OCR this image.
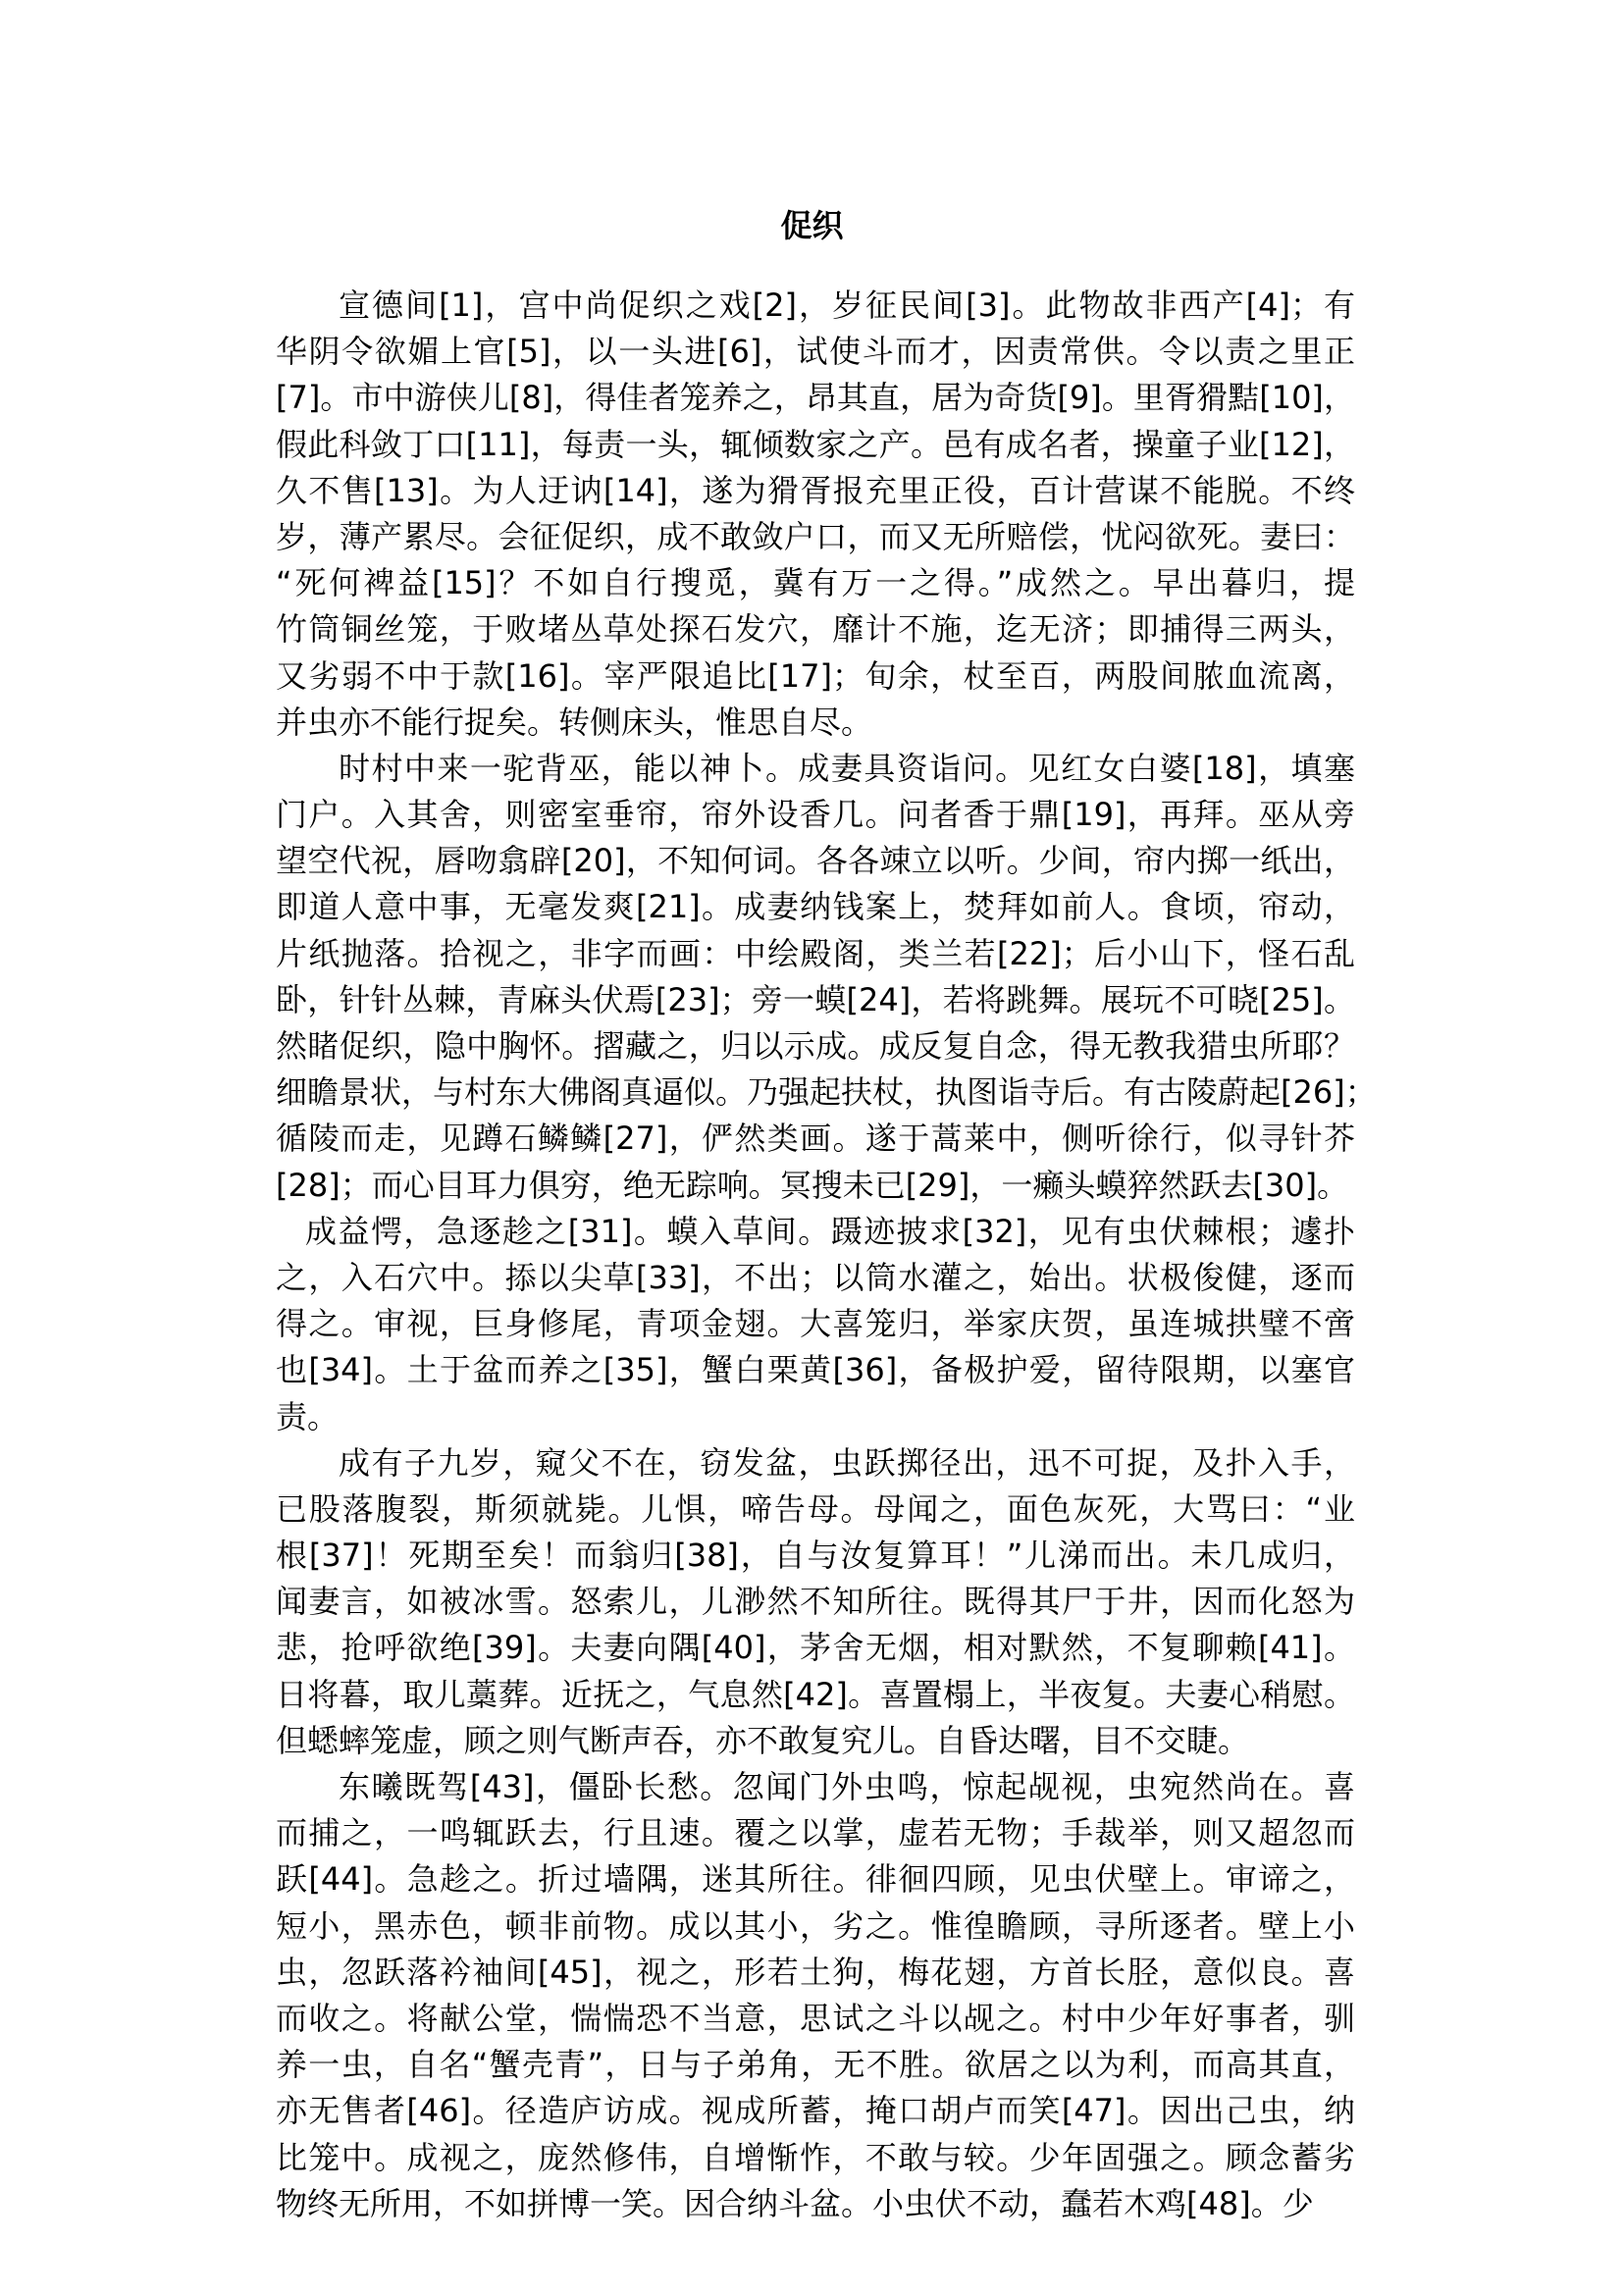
促织
宣德间[1]，宫中尚促织之戏[2]，岁征民间[3]。此物故非西产[4]；有
华阴令欲媚上官[5]，以一头进[6]，试使斗而才，因责常供。令以责之里正
[7]。市中游侠儿[8]，得佳者笼养之，昂其直，居为奇货[9]。里胥猾黠[10]，
假此科敛丁口[11]，每责一头，辄倾数家之产。邑有成名者，操童子业[12]，
久不售[13]。为人迂讷[14]，遂为猾胥报充里正役，百计营谋不能脱。不终
岁，薄产累尽。会征促织，成不敢敛户口，而又无所赔偿，忧闷欲死。妻曰：
“死何裨益[15]？不如自行搜觅，冀有万一之得。”成然之。早出暮归，提
竹筒铜丝笼，于败堵丛草处探石发穴，靡计不施，迄无济；即捕得三两头，
又劣弱不中于款[16]。宰严限追比[17]；旬余，杖至百，两股间脓血流离，
并虫亦不能行捉矣。转侧床头，惟思自尽。
时村中来一驼背巫，能以神卜。成妻具资诣问。见红女白婆[18]，填塞
门户。入其舍，则密室垂帘，帘外设香几。问者香于鼎[19]，再拜。巫从旁
望空代祝，唇吻翕辟[20]，不知何词。各各竦立以听。少间，帘内掷一纸出，
即道人意中事，无毫发爽[21]。成妻纳钱案上，焚拜如前人。食顷，帘动，
片纸抛落。拾视之，非字而画：中绘殿阁，类兰若[22]；后小山下，怪石乱
卧，针针丛棘，青麻头伏焉[23]；旁一蟆[24]，若将跳舞。展玩不可晓[25]。
然睹促织，隐中胸怀。摺藏之，归以示成。成反复自念，得无教我猎虫所耶？
细瞻景状，与村东大佛阁真逼似。乃强起扶杖，执图诣寺后。有古陵蔚起[26]；
循陵而走，见蹲石鳞鳞[27]，俨然类画。遂于蒿莱中，侧听徐行，似寻针芥
[28]；而心目耳力俱穷，绝无踪响。冥搜未已[29]，一癞头蟆猝然跃去[30]。
成益愕，急逐趁之[31]。蟆入草间。蹑迹披求[32]，见有虫伏棘根；遽扑
之，入石穴中。掭以尖草[33]，不出；以筒水灌之，始出。状极俊健，逐而
得之。审视，巨身修尾，青项金翅。大喜笼归，举家庆贺，虽连城拱璧不啻
也[34]。土于盆而养之[35]，蟹白栗黄[36]，备极护爱，留待限期，以塞官
责。
成有子九岁，窥父不在，窃发盆，虫跃掷径出，迅不可捉，及扑入手，
已股落腹裂，斯须就毙。儿惧，啼告母。母闻之，面色灰死，大骂曰：“业
根[37]！死期至矣！而翁归[38]，自与汝复算耳！”儿涕而出。未几成归，
闻妻言，如被冰雪。怒索儿，儿渺然不知所往。既得其尸于井，因而化怒为
悲，抢呼欲绝[39]。夫妻向隅[40]，茅舍无烟，相对默然，不复聊赖[41]。
日将暮，取儿藁葬。近抚之，气息然[42]。喜置榻上，半夜复。夫妻心稍慰。
但蟋蟀笼虚，顾之则气断声吞，亦不敢复究儿。自昏达曙，目不交睫。
东曦既驾[43]，僵卧长愁。忽闻门外虫鸣，惊起觇视，虫宛然尚在。喜
而捕之，一鸣辄跃去，行且速。覆之以掌，虚若无物；手裁举，则又超忽而
跃[44]。急趁之。折过墙隅，迷其所往。徘徊四顾，见虫伏壁上。审谛之，
短小，黑赤色，顿非前物。成以其小，劣之。惟徨瞻顾，寻所逐者。壁上小
虫，忽跃落衿袖间[45]，视之，形若土狗，梅花翅，方首长胫，意似良。喜
而收之。将献公堂，惴惴恐不当意，思试之斗以觇之。村中少年好事者，驯
养一虫，自名“蟹壳青”，日与子弟角，无不胜。欲居之以为利，而高其直，
亦无售者[46]。径造庐访成。视成所蓄，掩口胡卢而笑[47]。因出己虫，纳
比笼中。成视之，庞然修伟，自增惭怍，不敢与较。少年固强之。顾念蓄劣
物终无所用，不如拼博一笑。因合纳斗盆。小虫伏不动，蠢若木鸡[48]。少
